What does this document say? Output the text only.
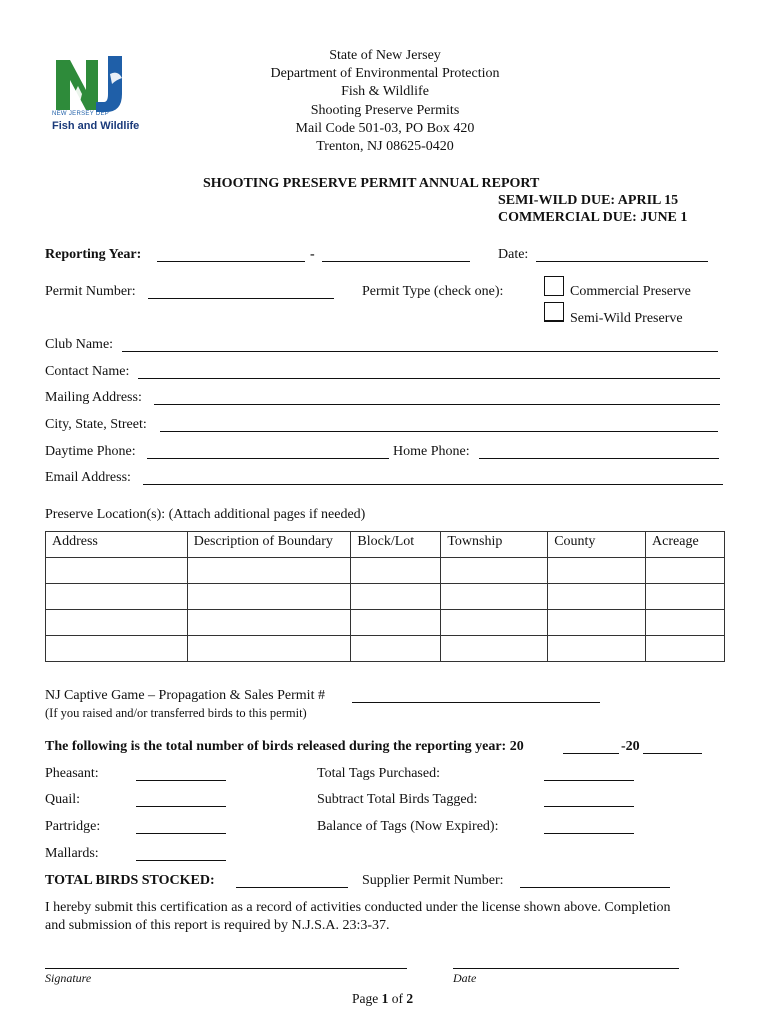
NEW JERSEY DEP
Fish and Wildlife
State of New Jersey
Department of Environmental Protection
Fish & Wildlife
Shooting Preserve Permits
Mail Code 501-03, PO Box 420
Trenton, NJ 08625-0420
SHOOTING PRESERVE PERMIT ANNUAL REPORT
SEMI-WILD DUE: APRIL 15
COMMERCIAL DUE: JUNE 1
Reporting Year:	-	Date:
Permit Number:	Permit Type (check one):	Commercial Preserve
Semi-Wild Preserve
Club Name:
Contact Name:
Mailing Address:
City, State, Street:
Daytime Phone:	Home Phone:
Email Address:
Preserve Location(s): (Attach additional pages if needed)
Address	Description of Boundary	Block/Lot	Township	County	Acreage

NJ Captive Game – Propagation & Sales Permit #
(If you raised and/or transferred birds to this permit)
The following is the total number of birds released during the reporting year: 20	-20
Pheasant:	Total Tags Purchased:
Quail:	Subtract Total Birds Tagged:
Partridge:	Balance of Tags (Now Expired):
Mallards:
TOTAL BIRDS STOCKED:	Supplier Permit Number:
I hereby submit this certification as a record of activities conducted under the license shown above. Completion
and submission of this report is required by N.J.S.A. 23:3-37.
Signature	Date
Page 1 of 2
